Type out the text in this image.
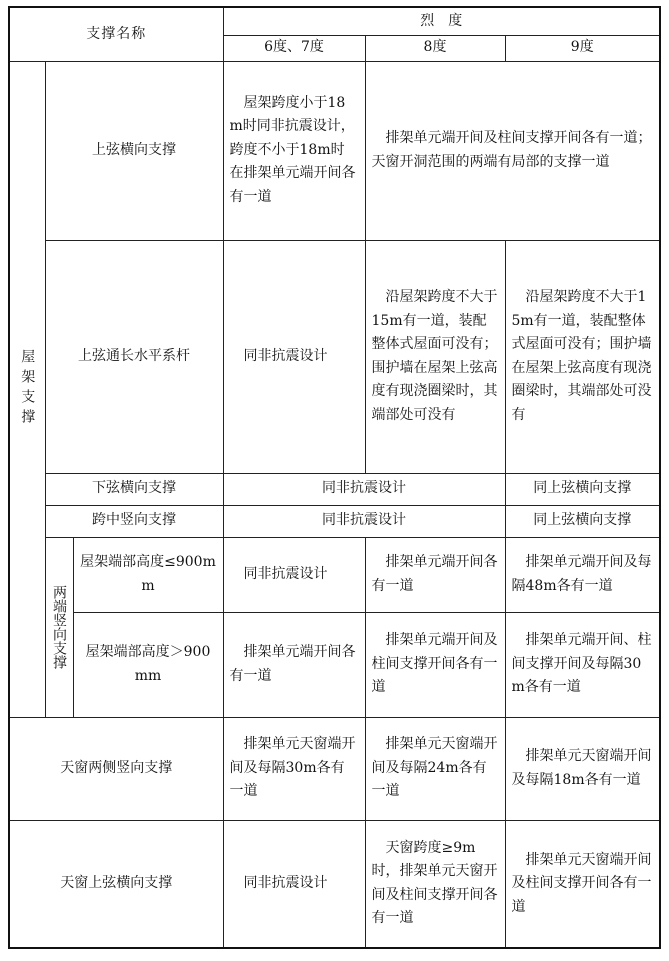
支撑名称			烈　度		
			6度、7度	8度	9度
屋架支撑	上弦横向支撑		屋架跨度小于18m时同非抗震设计，跨度不小于18m时在排架单元端开间各有一道	排架单元端开间及柱间支撑开间各有一道；天窗开洞范围的两端有局部的支撑一道	
	上弦通长水平系杆		同非抗震设计	沿屋架跨度不大于15m有一道，装配整体式屋面可没有；围护墙在屋架上弦高度有现浇圈梁时，其端部处可没有	沿屋架跨度不大于15m有一道，装配整体式屋面可没有；围护墙在屋架上弦高度有现浇圈梁时，其端部处可没有
	下弦横向支撑		同非抗震设计		同上弦横向支撑
	跨中竖向支撑		同非抗震设计		同上弦横向支撑
	两端竖向支撑	屋架端部高度≤900mm	同非抗震设计	排架单元端开间各有一道	排架单元端开间及每隔48m各有一道
		屋架端部高度＞900mm	排架单元端开间各有一道	排架单元端开间及柱间支撑开间各有一道	排架单元端开间、柱间支撑开间及每隔30m各有一道
天窗两侧竖向支撑			排架单元天窗端开间及每隔30m各有一道	排架单元天窗端开间及每隔24m各有一道	排架单元天窗端开间及每隔18m各有一道
天窗上弦横向支撑			同非抗震设计	天窗跨度≥9m时，排架单元天窗开间及柱间支撑开间各有一道	排架单元天窗端开间及柱间支撑开间各有一道
